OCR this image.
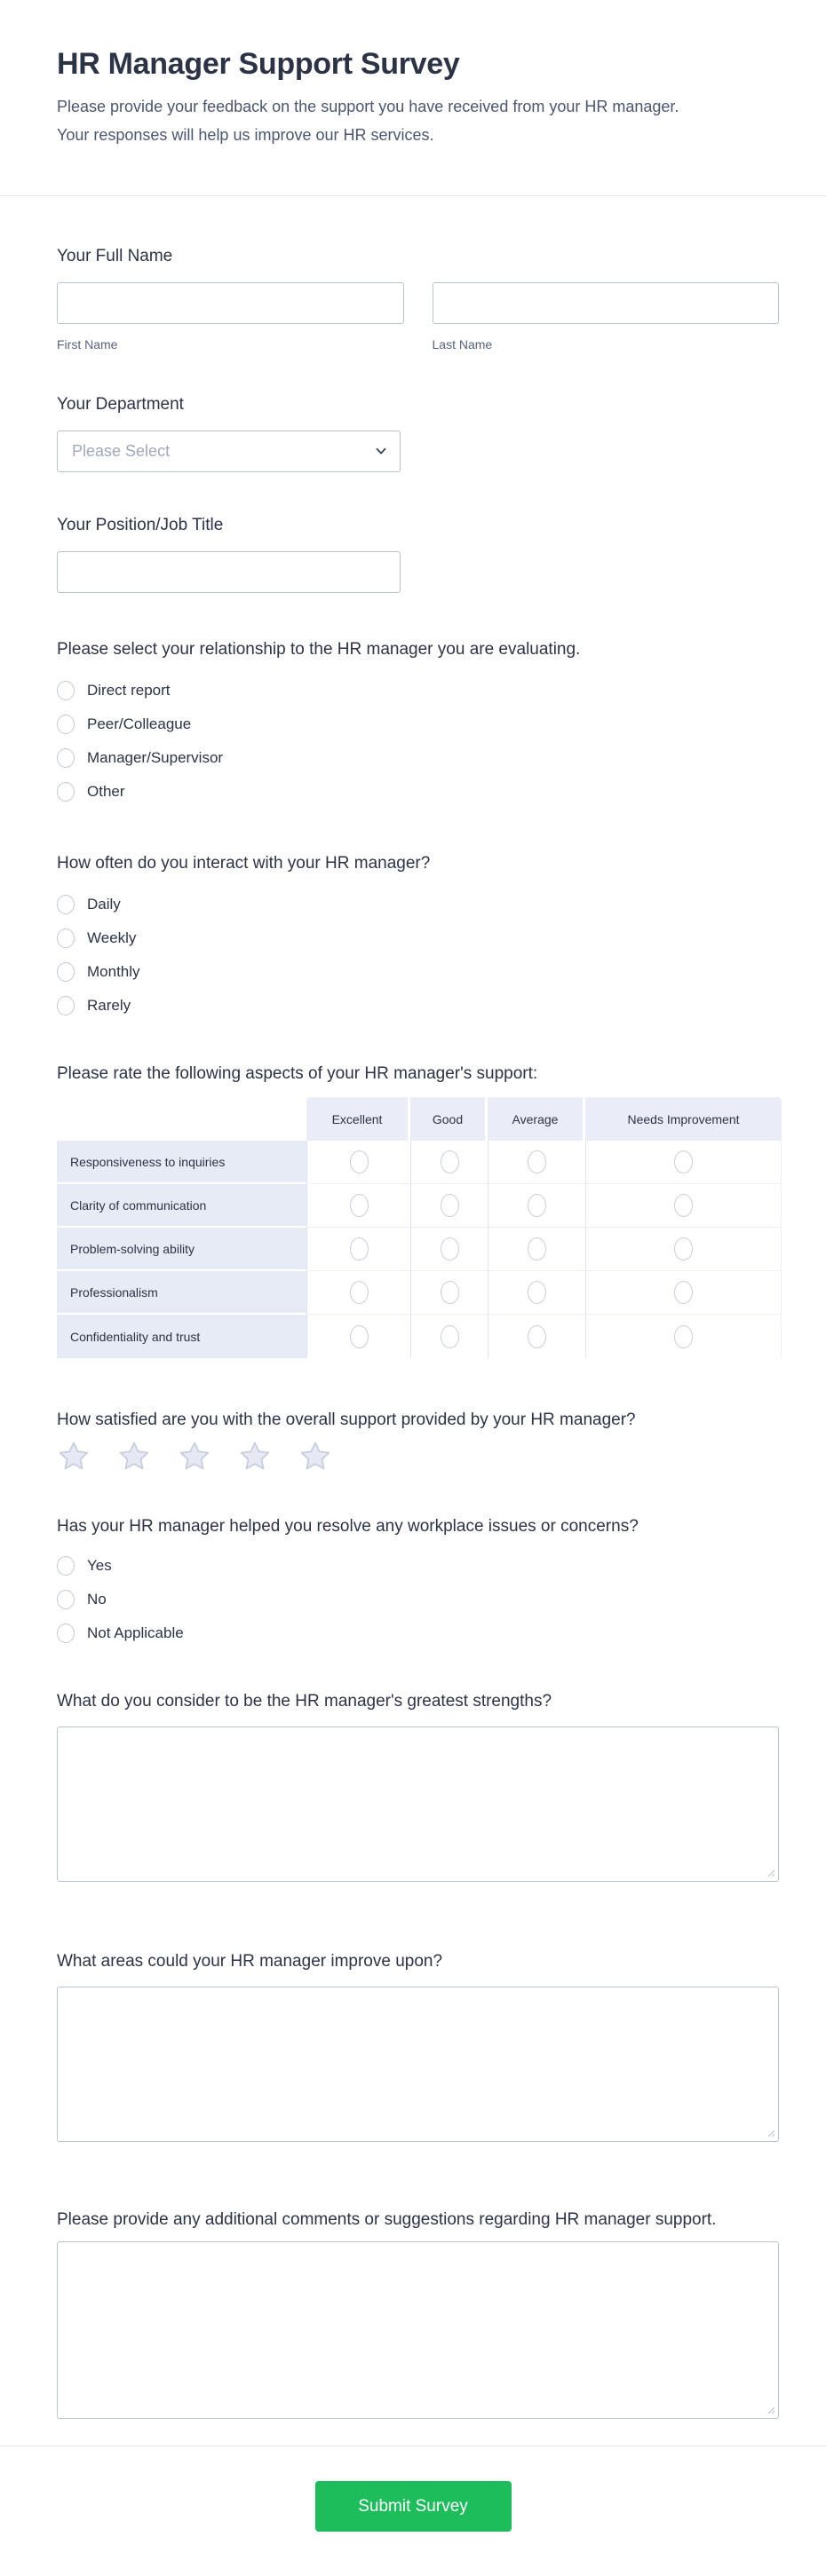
HR Manager Support Survey
Please provide your feedback on the support you have received from your HR manager. Your responses will help us improve our HR services.
Your Full Name
First Name	Last Name
Your Department
Please Select
Your Position/Job Title
Please select your relationship to the HR manager you are evaluating.
Direct report
Peer/Colleague
Manager/Supervisor
Other
How often do you interact with your HR manager?
Daily
Weekly
Monthly
Rarely
Please rate the following aspects of your HR manager's support:
Excellent	Good	Average	Needs Improvement
Responsiveness to inquiries
Clarity of communication
Problem-solving ability
Professionalism
Confidentiality and trust
How satisfied are you with the overall support provided by your HR manager?
Has your HR manager helped you resolve any workplace issues or concerns?
Yes
No
Not Applicable
What do you consider to be the HR manager's greatest strengths?
What areas could your HR manager improve upon?
Please provide any additional comments or suggestions regarding HR manager support.
Submit Survey
